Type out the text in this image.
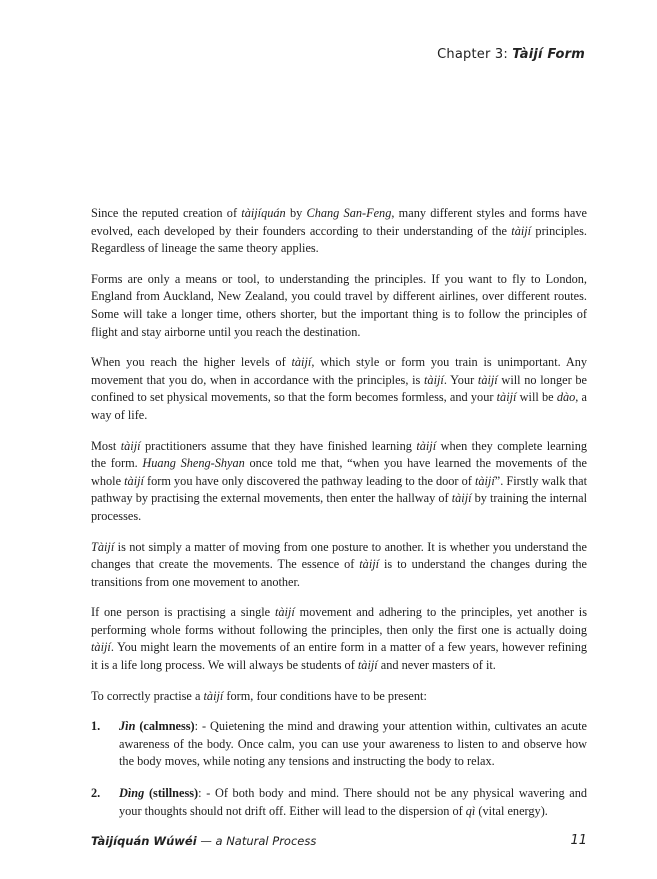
Chapter 3: Tàijí Form

Since the reputed creation of tàijíquán by Chang San-Feng, many different styles and forms have evolved, each developed by their founders according to their understanding of the tàijí principles. Regardless of lineage the same theory applies.

Forms are only a means or tool, to understanding the principles. If you want to fly to London, England from Auckland, New Zealand, you could travel by different airlines, over different routes. Some will take a longer time, others shorter, but the important thing is to follow the principles of flight and stay airborne until you reach the destination.

When you reach the higher levels of tàijí, which style or form you train is unimportant. Any movement that you do, when in accordance with the principles, is tàijí. Your tàijí will no longer be confined to set physical movements, so that the form becomes formless, and your tàijí will be dào, a way of life.

Most tàijí practitioners assume that they have finished learning tàijí when they complete learning the form. Huang Sheng-Shyan once told me that, “when you have learned the movements of the whole tàijí form you have only discovered the pathway leading to the door of tàijí”. Firstly walk that pathway by practising the external movements, then enter the hallway of tàijí by training the internal processes.

Tàijí is not simply a matter of moving from one posture to another. It is whether you understand the changes that create the movements. The essence of tàijí is to understand the changes during the transitions from one movement to another.

If one person is practising a single tàijí movement and adhering to the principles, yet another is performing whole forms without following the principles, then only the first one is actually doing tàijí. You might learn the movements of an entire form in a matter of a few years, however refining it is a life long process. We will always be students of tàijí and never masters of it.

To correctly practise a tàijí form, four conditions have to be present:

1. Jìn (calmness): - Quietening the mind and drawing your attention within, cultivates an acute awareness of the body. Once calm, you can use your awareness to listen to and observe how the body moves, while noting any tensions and instructing the body to relax.
2. Dìng (stillness): - Of both body and mind. There should not be any physical wavering and your thoughts should not drift off. Either will lead to the dispersion of qì (vital energy).
Tàijíquán Wúwéi — a Natural Process	11
